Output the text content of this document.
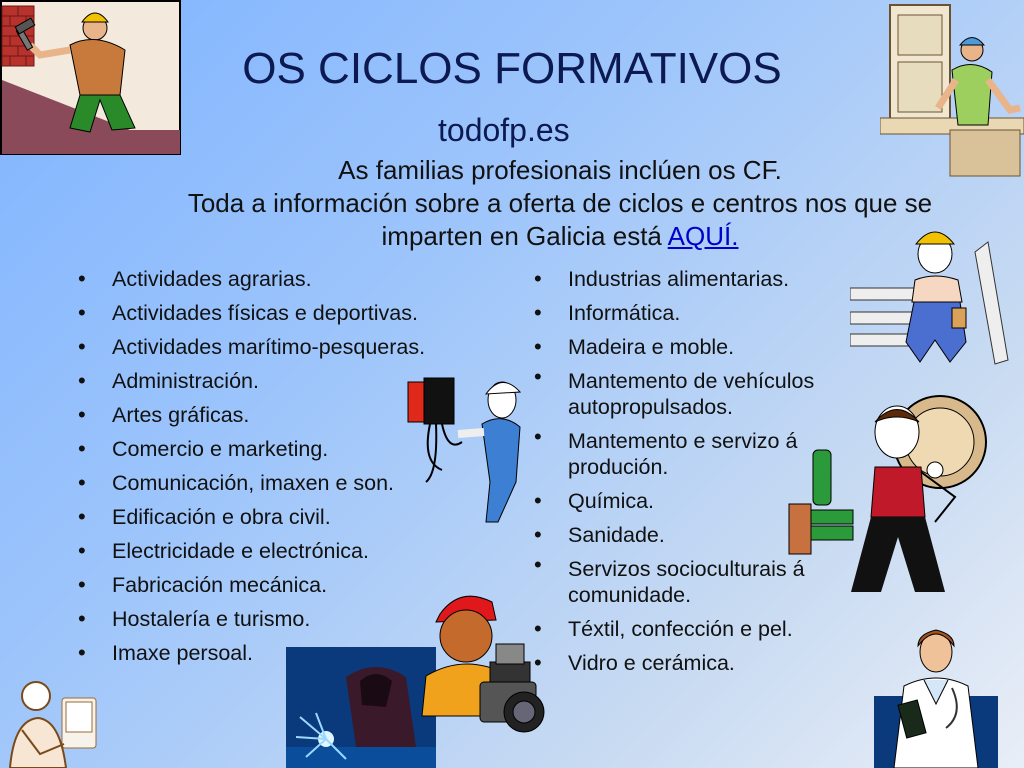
OS CICLOS FORMATIVOS
todofp.es
As familias profesionais inclúen os CF.
Toda a información sobre a oferta de ciclos e centros nos que se
imparten en Galicia está AQUÍ.
• Actividades agrarias.
• Actividades físicas e deportivas.
• Actividades marítimo-pesqueras.
• Administración.
• Artes gráficas.
• Comercio e marketing.
• Comunicación, imaxen e son.
• Edificación e obra civil.
• Electricidade e electrónica.
• Fabricación mecánica.
• Hostalería e turismo.
• Imaxe persoal.
• Industrias alimentarias.
• Informática.
• Madeira e moble.
• Mantemento de vehículos autopropulsados.
• Mantemento e servizo á produción.
• Química.
• Sanidade.
• Servizos socioculturais á comunidade.
• Téxtil, confección e pel.
• Vidro e cerámica.
